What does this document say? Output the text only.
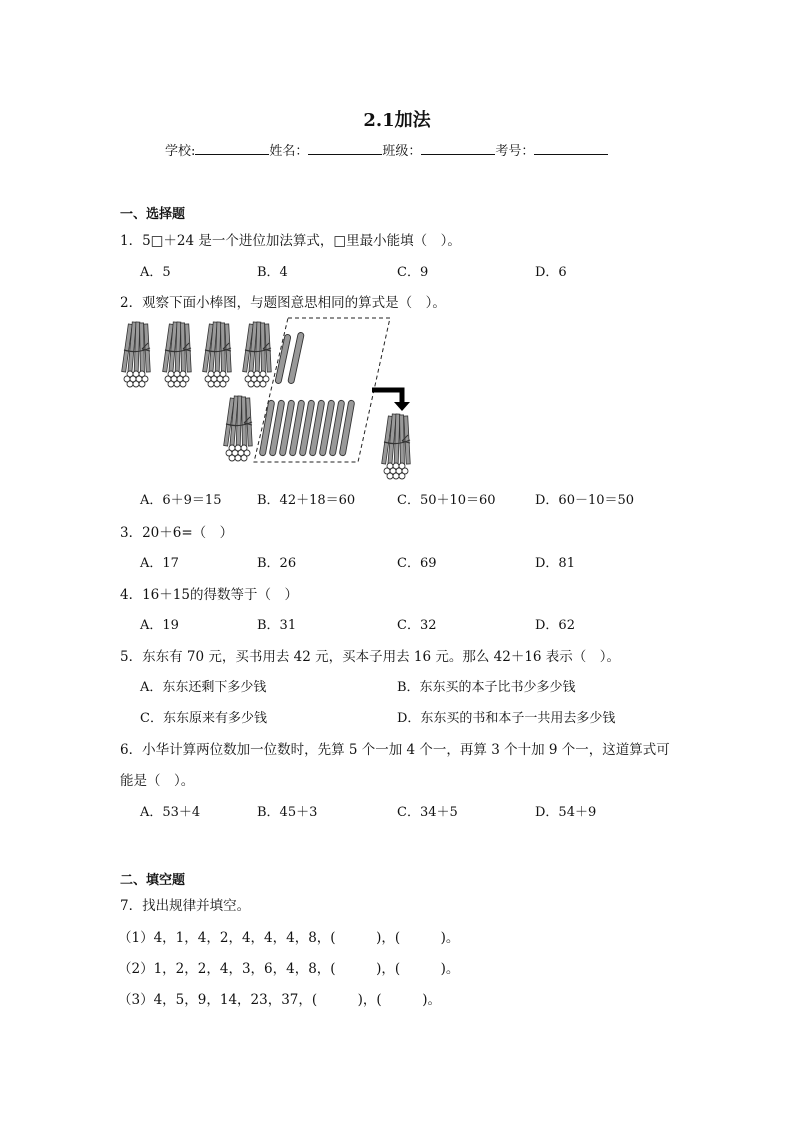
2.1加法
学校:	姓名：	班级：	考号：
一、选择题
1．5□＋24 是一个进位加法算式，□里最小能填（　）。
A．5	B．4	C．9	D．6
2．观察下面小棒图，与题图意思相同的算式是（　）。
A．6＋9＝15	B．42＋18＝60	C．50＋10＝60	D．60－10＝50
3．20＋6=（　）
A．17	B．26	C．69	D．81
4．16＋15的得数等于（　）
A．19	B．31	C．32	D．62
5．东东有 70 元，买书用去 42 元，买本子用去 16 元。那么 42＋16 表示（　）。
A．东东还剩下多少钱	B．东东买的本子比书少多少钱
C．东东原来有多少钱	D．东东买的书和本子一共用去多少钱
6．小华计算两位数加一位数时，先算 5 个一加 4 个一，再算 3 个十加 9 个一，这道算式可
能是（　）。
A．53＋4	B．45＋3	C．34＋5	D．54＋9
二、填空题
7．找出规律并填空。
（1）4，1，4，2，4，4，4，8，(　　　)，(　　　)。
（2）1，2，2，4，3，6，4，8，(　　　)，(　　　)。
（3）4，5，9，14，23，37，(　　　)，(　　　)。
